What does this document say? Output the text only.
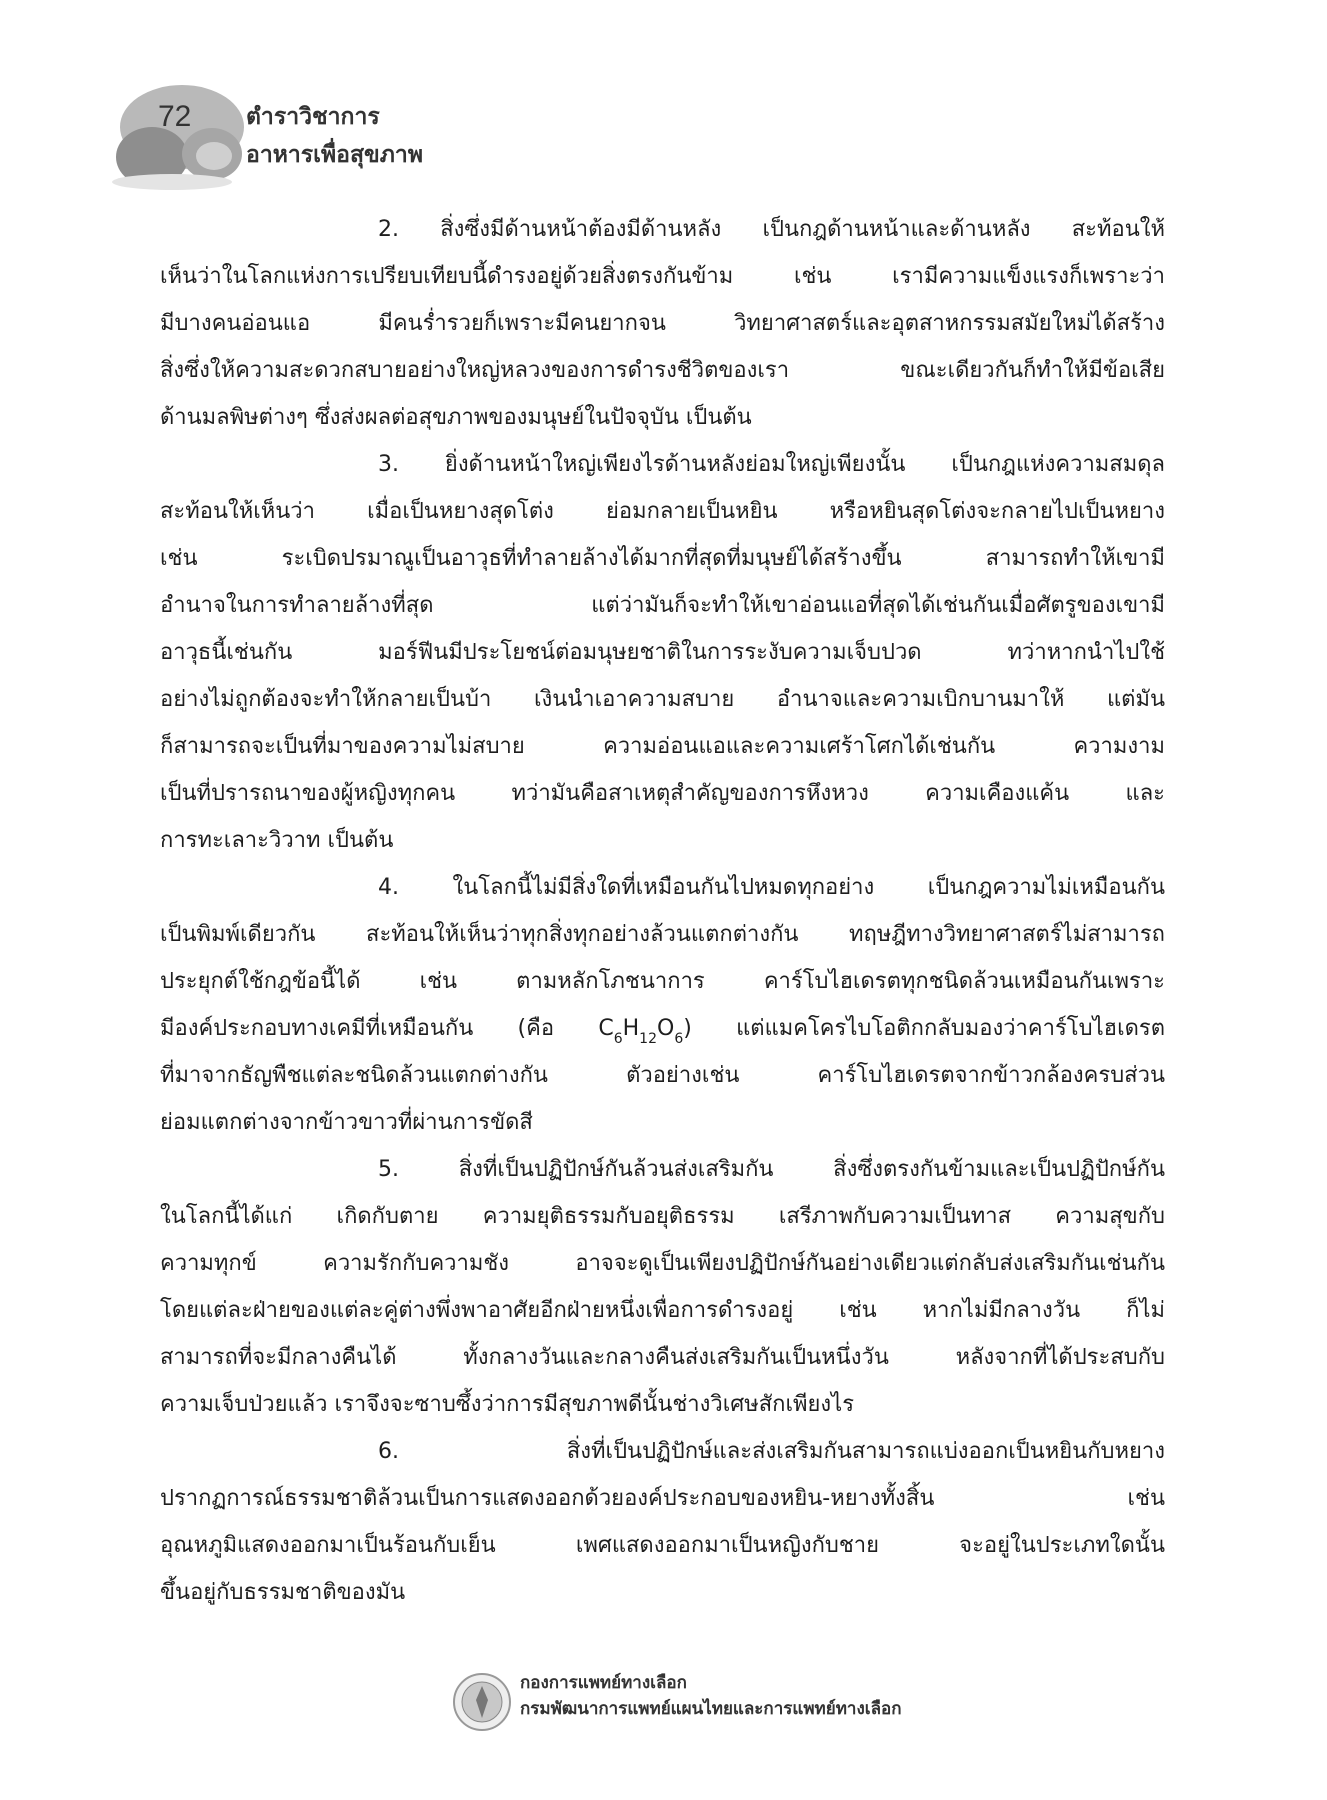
72 ตำราวิชาการ
อาหารเพื่อสุขภาพ
2. สิ่งซึ่งมีด้านหน้าต้องมีด้านหลัง เป็นกฎด้านหน้าและด้านหลัง สะท้อนให้
เห็นว่าในโลกแห่งการเปรียบเทียบนี้ดำรงอยู่ด้วยสิ่งตรงกันข้าม เช่น เรามีความแข็งแรงก็เพราะว่า
มีบางคนอ่อนแอ มีคนร่ำรวยก็เพราะมีคนยากจน วิทยาศาสตร์และอุตสาหกรรมสมัยใหม่ได้สร้าง
สิ่งซึ่งให้ความสะดวกสบายอย่างใหญ่หลวงของการดำรงชีวิตของเรา ขณะเดียวกันก็ทำให้มีข้อเสีย
ด้านมลพิษต่างๆ ซึ่งส่งผลต่อสุขภาพของมนุษย์ในปัจจุบัน เป็นต้น
3. ยิ่งด้านหน้าใหญ่เพียงไรด้านหลังย่อมใหญ่เพียงนั้น เป็นกฎแห่งความสมดุล
สะท้อนให้เห็นว่า เมื่อเป็นหยางสุดโต่ง ย่อมกลายเป็นหยิน หรือหยินสุดโต่งจะกลายไปเป็นหยาง
เช่น ระเบิดปรมาณูเป็นอาวุธที่ทำลายล้างได้มากที่สุดที่มนุษย์ได้สร้างขึ้น สามารถทำให้เขามี
อำนาจในการทำลายล้างที่สุด แต่ว่ามันก็จะทำให้เขาอ่อนแอที่สุดได้เช่นกันเมื่อศัตรูของเขามี
อาวุธนี้เช่นกัน มอร์ฟีนมีประโยชน์ต่อมนุษยชาติในการระงับความเจ็บปวด ทว่าหากนำไปใช้
อย่างไม่ถูกต้องจะทำให้กลายเป็นบ้า เงินนำเอาความสบาย อำนาจและความเบิกบานมาให้ แต่มัน
ก็สามารถจะเป็นที่มาของความไม่สบาย ความอ่อนแอและความเศร้าโศกได้เช่นกัน ความงาม
เป็นที่ปรารถนาของผู้หญิงทุกคน ทว่ามันคือสาเหตุสำคัญของการหึงหวง ความเคืองแค้น และ
การทะเลาะวิวาท เป็นต้น
4. ในโลกนี้ไม่มีสิ่งใดที่เหมือนกันไปหมดทุกอย่าง เป็นกฎความไม่เหมือนกัน
เป็นพิมพ์เดียวกัน สะท้อนให้เห็นว่าทุกสิ่งทุกอย่างล้วนแตกต่างกัน ทฤษฎีทางวิทยาศาสตร์ไม่สามารถ
ประยุกต์ใช้กฎข้อนี้ได้ เช่น ตามหลักโภชนาการ คาร์โบไฮเดรตทุกชนิดล้วนเหมือนกันเพราะ
มีองค์ประกอบทางเคมีที่เหมือนกัน (คือ $C_6H_{12}O_6$) แต่แมคโครไบโอติกกลับมองว่าคาร์โบไฮเดรต
ที่มาจากธัญพืชแต่ละชนิดล้วนแตกต่างกัน ตัวอย่างเช่น คาร์โบไฮเดรตจากข้าวกล้องครบส่วน
ย่อมแตกต่างจากข้าวขาวที่ผ่านการขัดสี
5. สิ่งที่เป็นปฏิปักษ์กันล้วนส่งเสริมกัน สิ่งซึ่งตรงกันข้ามและเป็นปฏิปักษ์กัน
ในโลกนี้ได้แก่ เกิดกับตาย ความยุติธรรมกับอยุติธรรม เสรีภาพกับความเป็นทาส ความสุขกับ
ความทุกข์ ความรักกับความชัง อาจจะดูเป็นเพียงปฏิปักษ์กันอย่างเดียวแต่กลับส่งเสริมกันเช่นกัน
โดยแต่ละฝ่ายของแต่ละคู่ต่างพึ่งพาอาศัยอีกฝ่ายหนึ่งเพื่อการดำรงอยู่ เช่น หากไม่มีกลางวัน ก็ไม่
สามารถที่จะมีกลางคืนได้ ทั้งกลางวันและกลางคืนส่งเสริมกันเป็นหนึ่งวัน หลังจากที่ได้ประสบกับ
ความเจ็บป่วยแล้ว เราจึงจะซาบซึ้งว่าการมีสุขภาพดีนั้นช่างวิเศษสักเพียงไร
6. สิ่งที่เป็นปฏิปักษ์และส่งเสริมกันสามารถแบ่งออกเป็นหยินกับหยาง
ปรากฏการณ์ธรรมชาติล้วนเป็นการแสดงออกด้วยองค์ประกอบของหยิน-หยางทั้งสิ้น เช่น
อุณหภูมิแสดงออกมาเป็นร้อนกับเย็น เพศแสดงออกมาเป็นหญิงกับชาย จะอยู่ในประเภทใดนั้น
ขึ้นอยู่กับธรรมชาติของมัน
กองการแพทย์ทางเลือก
กรมพัฒนาการแพทย์แผนไทยและการแพทย์ทางเลือก
